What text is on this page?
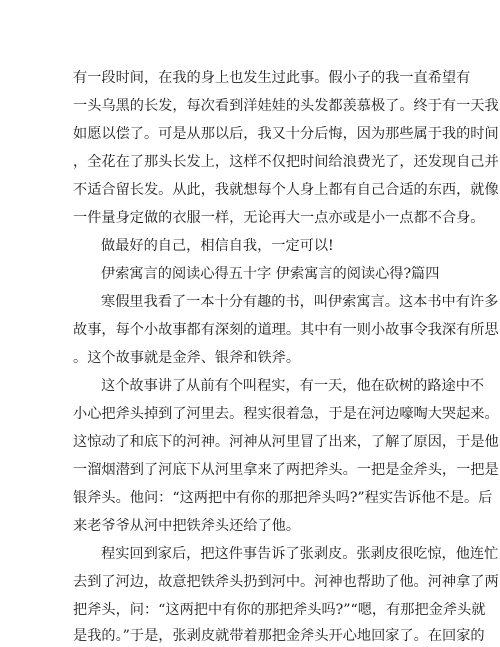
有一段时间，在我的身上也发生过此事。假小子的我一直希望有
一头乌黑的长发，每次看到洋娃娃的头发都羡慕极了。终于有一天我
如愿以偿了。可是从那以后，我又十分后悔，因为那些属于我的时间
，全花在了那头长发上，这样不仅把时间给浪费光了，还发现自己并
不适合留长发。从此，我就想每个人身上都有自己合适的东西，就像
一件量身定做的衣服一样，无论再大一点亦或是小一点都不合身。
做最好的自己，相信自我，一定可以!
伊索寓言的阅读心得五十字 伊索寓言的阅读心得?篇四
寒假里我看了一本十分有趣的书，叫伊索寓言。这本书中有许多
故事，每个小故事都有深刻的道理。其中有一则小故事令我深有所思
。这个故事就是金斧、银斧和铁斧。
这个故事讲了从前有个叫程实，有一天，他在砍树的路途中不
小心把斧头掉到了河里去。程实很着急，于是在河边嚎啕大哭起来。
这惊动了和底下的河神。河神从河里冒了出来，了解了原因，于是他
一溜烟潜到了河底下从河里拿来了两把斧头。一把是金斧头，一把是
银斧头。他问：“这两把中有你的那把斧头吗?”程实告诉他不是。后
来老爷爷从河中把铁斧头还给了他。
程实回到家后，把这件事告诉了张剥皮。张剥皮很吃惊，他连忙
去到了河边，故意把铁斧头扔到河中。河神也帮助了他。河神拿了两
把斧头，问：“这两把中有你的那把斧头吗?”“嗯，有那把金斧头就
是我的。”于是，张剥皮就带着那把金斧头开心地回家了。在回家的
